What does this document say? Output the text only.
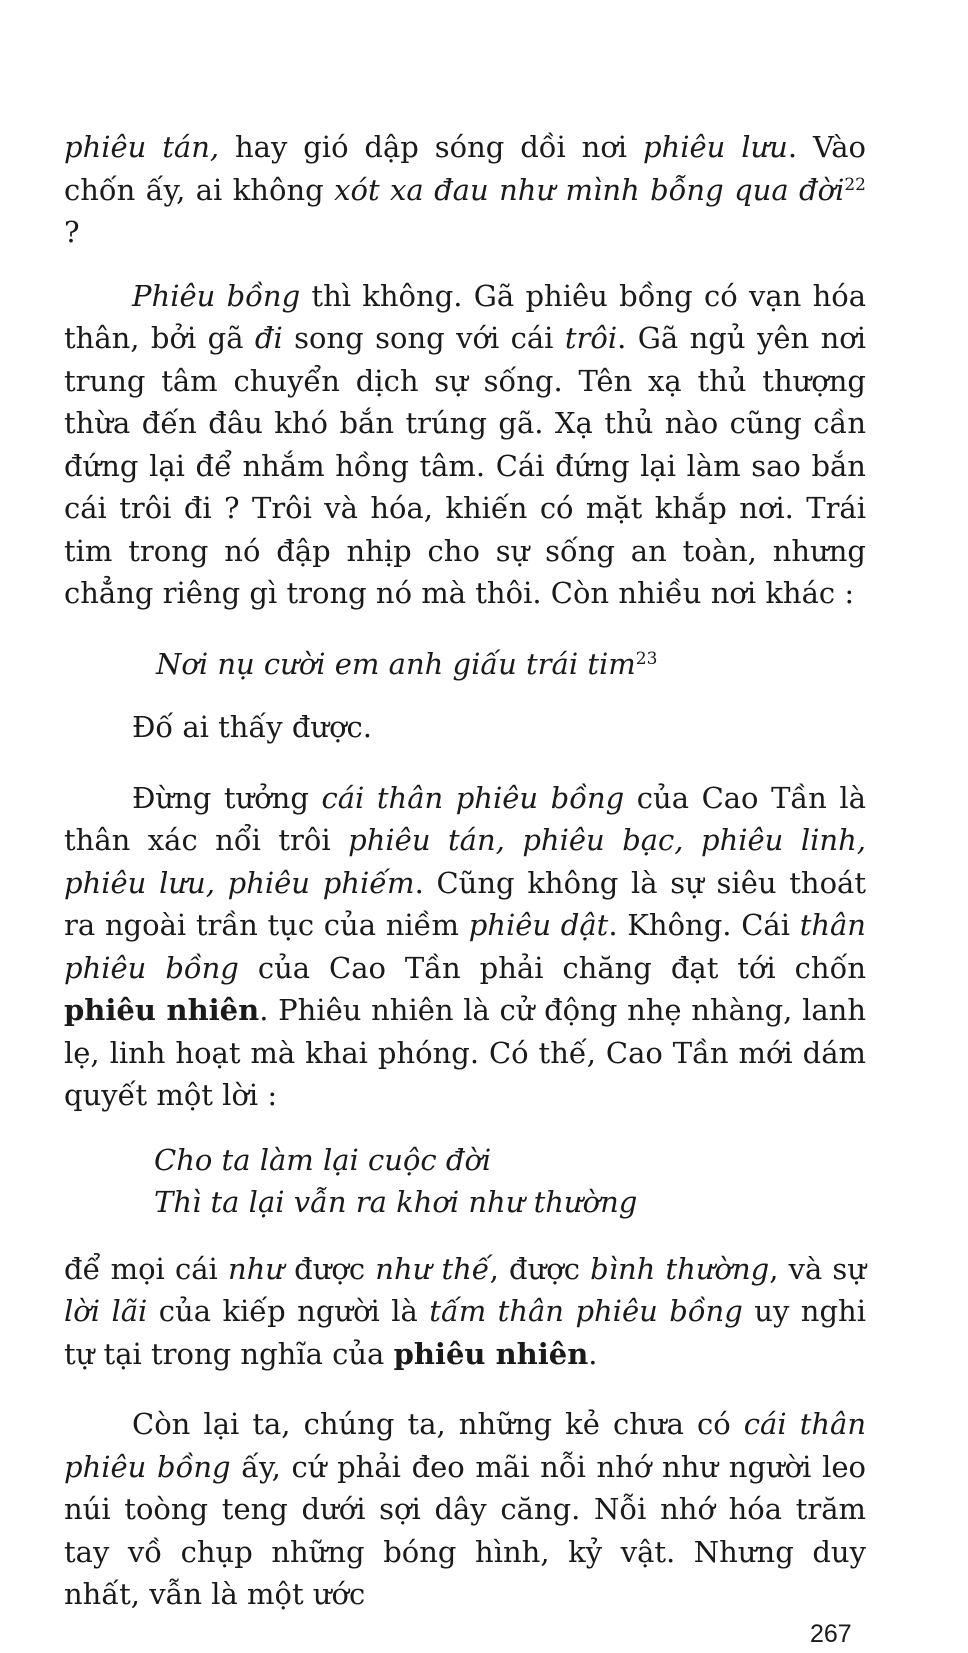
phiêu tán, hay gió dập sóng dồi nơi phiêu lưu. Vào chốn ấy, ai không xót xa đau như mình bỗng qua đời$^{22}$ ?

Phiêu bồng thì không. Gã phiêu bồng có vạn hóa thân, bởi gã đi song song với cái trôi. Gã ngủ yên nơi trung tâm chuyển dịch sự sống. Tên xạ thủ thượng thừa đến đâu khó bắn trúng gã. Xạ thủ nào cũng cần đứng lại để nhắm hồng tâm. Cái đứng lại làm sao bắn cái trôi đi ? Trôi và hóa, khiến có mặt khắp nơi. Trái tim trong nó đập nhịp cho sự sống an toàn, nhưng chẳng riêng gì trong nó mà thôi. Còn nhiều nơi khác :

Nơi nụ cười em anh giấu trái tim$^{23}$

Đố ai thấy được.

Đừng tưởng cái thân phiêu bồng của Cao Tần là thân xác nổi trôi phiêu tán, phiêu bạc, phiêu linh, phiêu lưu, phiêu phiếm. Cũng không là sự siêu thoát ra ngoài trần tục của niềm phiêu dật. Không. Cái thân phiêu bồng của Cao Tần phải chăng đạt tới chốn phiêu nhiên. Phiêu nhiên là cử động nhẹ nhàng, lanh lẹ, linh hoạt mà khai phóng. Có thế, Cao Tần mới dám quyết một lời :

Cho ta làm lại cuộc đời

Thì ta lại vẫn ra khơi như thường

để mọi cái như được như thế, được bình thường, và sự lời lãi của kiếp người là tấm thân phiêu bồng uy nghi tự tại trong nghĩa của phiêu nhiên.

Còn lại ta, chúng ta, những kẻ chưa có cái thân phiêu bồng ấy, cứ phải đeo mãi nỗi nhớ như người leo núi toòng teng dưới sợi dây căng. Nỗi nhớ hóa trăm tay vồ chụp những bóng hình, kỷ vật. Nhưng duy nhất, vẫn là một ước

267
